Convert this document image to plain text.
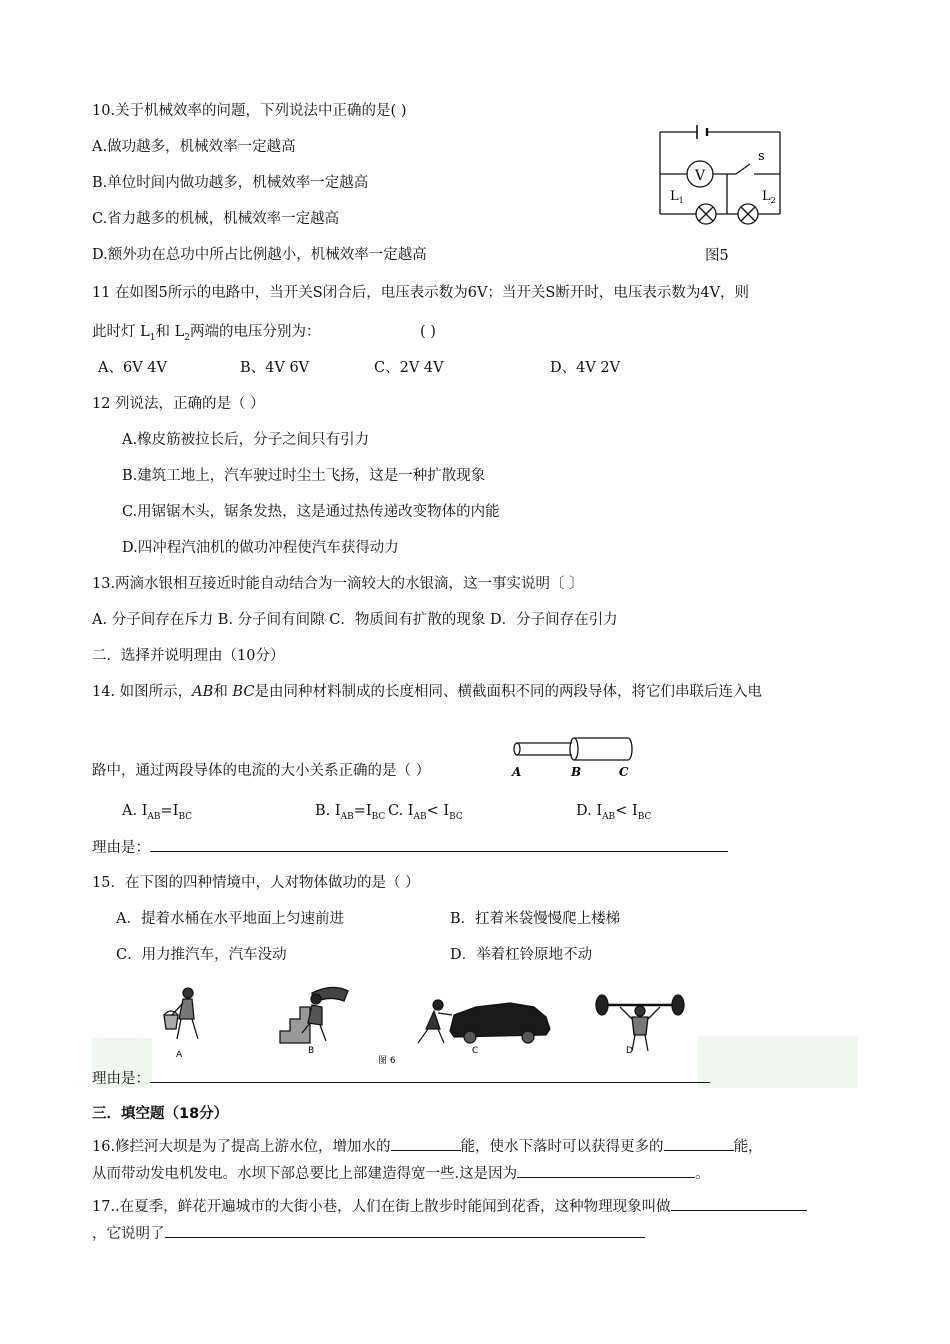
10.关于机械效率的问题，下列说法中正确的是( )
A.做功越多，机械效率一定越高
B.单位时间内做功越多，机械效率一定越高
C.省力越多的机械，机械效率一定越高
D.额外功在总功中所占比例越小，机械效率一定越高
V
s
$L_1$	$L_2$
图5
11 在如图5所示的电路中，当开关S闭合后，电压表示数为6V；当开关S断开时，电压表示数为4V，则
此时灯 $L_1$和 $L_2$两端的电压分别为：	( )
A、6V 4V	B、4V 6V	C、2V 4V	D、4V 2V
12 列说法，正确的是（ ）
A.橡皮筋被拉长后，分子之间只有引力
B.建筑工地上，汽车驶过时尘土飞扬，这是一种扩散现象
C.用锯锯木头，锯条发热，这是通过热传递改变物体的内能
D.四冲程汽油机的做功冲程使汽车获得动力
13.两滴水银相互接近时能自动结合为一滴较大的水银滴，这一事实说明〔 〕
A. 分子间存在斥力 B. 分子间有间隙 C．物质间有扩散的现象 D．分子间存在引力
二．选择并说明理由（10分）
14. 如图所示，AB和 BC是由同种材料制成的长度相同、横截面积不同的两段导体，将它们串联后连入电
A	B	C
路中，通过两段导体的电流的大小关系正确的是（ ）
A. $I_{AB}=I_{BC}$	B. $I_{AB}=I_{BC}$ C. $I_{AB}< I_{BC}$	D. $I_{AB}< I_{BC}$
理由是：
15．在下图的四种情境中，人对物体做功的是（ ）
A．提着水桶在水平地面上匀速前进	B．扛着米袋慢慢爬上楼梯
C．用力推汽车，汽车没动	D．举着杠铃原地不动
A	B
图 6
C	D
理由是：
三．填空题（18分）
16.修拦河大坝是为了提高上游水位，增加水的	能，使水下落时可以获得更多的	能，
从而带动发电机发电。水坝下部总要比上部建造得宽一些.这是因为	。
17..在夏季，鲜花开遍城市的大街小巷，人们在街上散步时能闻到花香，这种物理现象叫做
，它说明了
